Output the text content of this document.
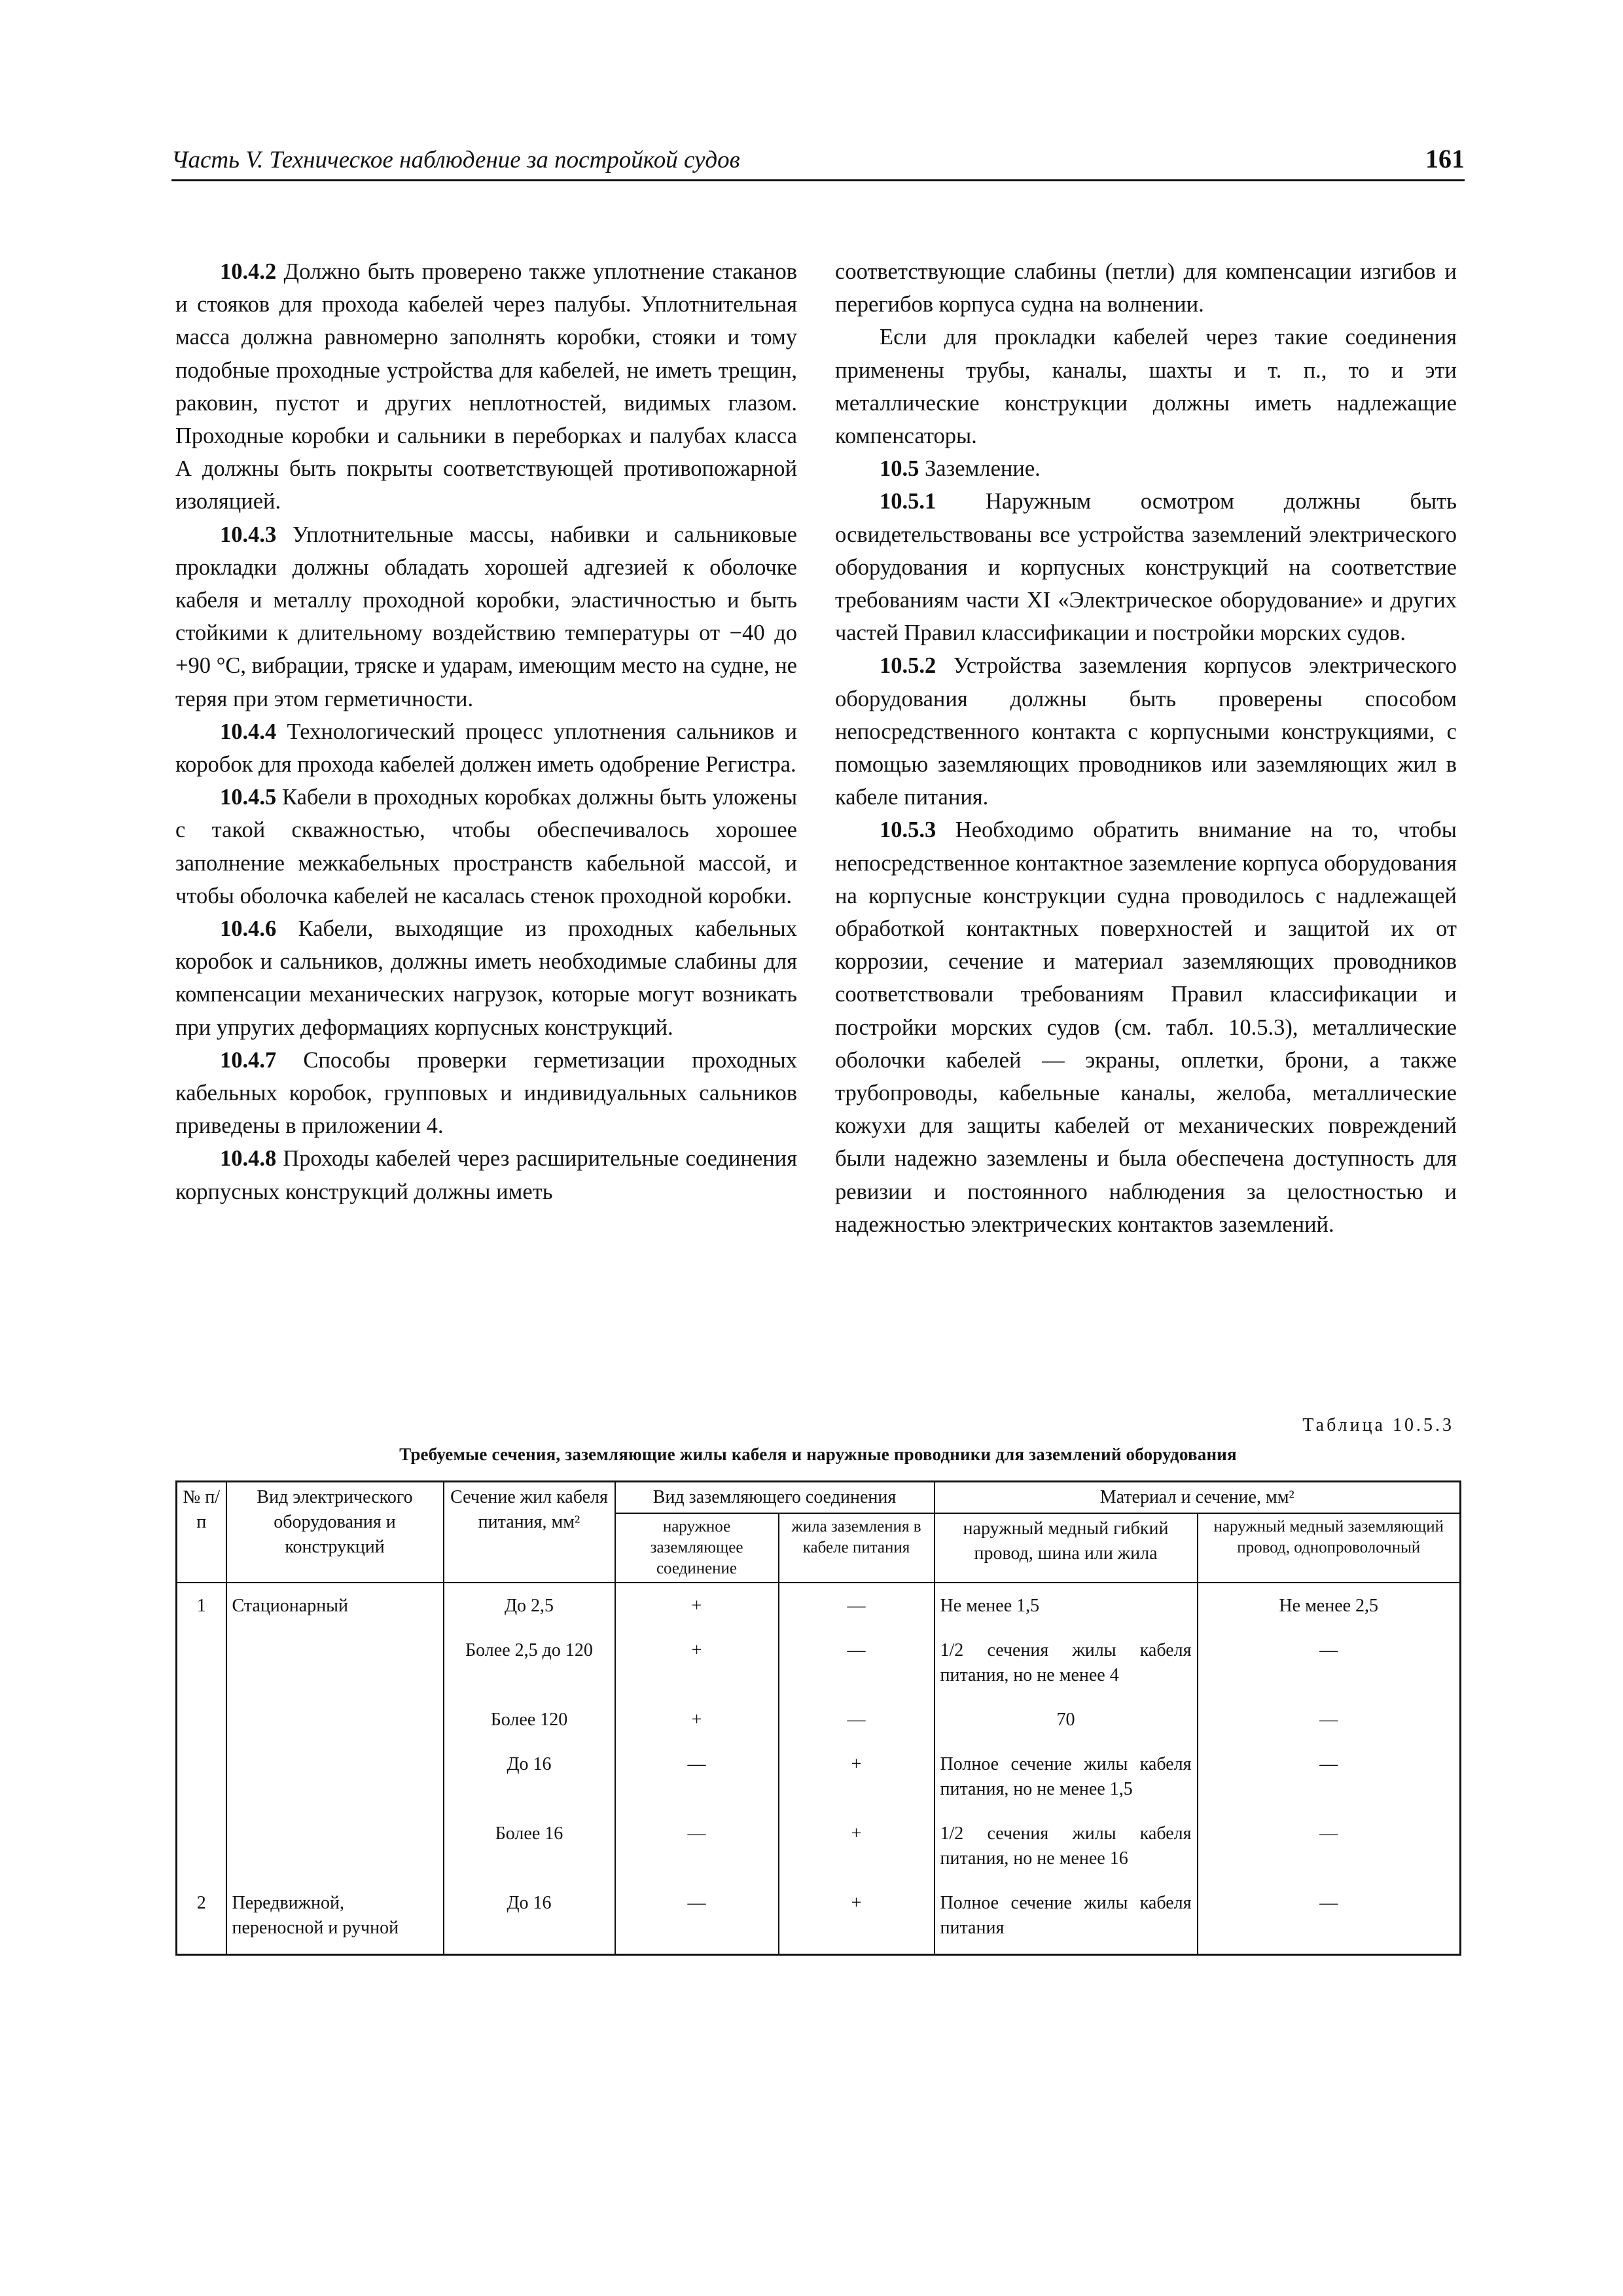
Часть V. Техническое наблюдение за постройкой судов	161

10.4.2 Должно быть проверено также уплотнение стаканов и стояков для прохода кабелей через палубы. Уплотнительная масса должна равномерно заполнять коробки, стояки и тому подобные проходные устройства для кабелей, не иметь трещин, раковин, пустот и других неплотностей, видимых глазом. Проходные коробки и сальники в переборках и палубах класса А должны быть покрыты соответствующей противопожарной изоляцией.

10.4.3 Уплотнительные массы, набивки и сальниковые прокладки должны обладать хорошей адгезией к оболочке кабеля и металлу проходной коробки, эластичностью и быть стойкими к длительному воздействию температуры от −40 до +90 °С, вибрации, тряске и ударам, имеющим место на судне, не теряя при этом герметичности.

10.4.4 Технологический процесс уплотнения сальников и коробок для прохода кабелей должен иметь одобрение Регистра.

10.4.5 Кабели в проходных коробках должны быть уложены с такой скважностью, чтобы обеспечивалось хорошее заполнение межкабельных пространств кабельной массой, и чтобы оболочка кабелей не касалась стенок проходной коробки.

10.4.6 Кабели, выходящие из проходных кабельных коробок и сальников, должны иметь необходимые слабины для компенсации механических нагрузок, которые могут возникать при упругих деформациях корпусных конструкций.

10.4.7 Способы проверки герметизации проходных кабельных коробок, групповых и индивидуальных сальников приведены в приложении 4.

10.4.8 Проходы кабелей через расширительные соединения корпусных конструкций должны иметь

соответствующие слабины (петли) для компенсации изгибов и перегибов корпуса судна на волнении.

Если для прокладки кабелей через такие соединения применены трубы, каналы, шахты и т. п., то и эти металлические конструкции должны иметь надлежащие компенсаторы.

10.5 Заземление.

10.5.1 Наружным осмотром должны быть освидетельствованы все устройства заземлений электрического оборудования и корпусных конструкций на соответствие требованиям части XI «Электрическое оборудование» и других частей Правил классификации и постройки морских судов.

10.5.2 Устройства заземления корпусов электрического оборудования должны быть проверены способом непосредственного контакта с корпусными конструкциями, с помощью заземляющих проводников или заземляющих жил в кабеле питания.

10.5.3 Необходимо обратить внимание на то, чтобы непосредственное контактное заземление корпуса оборудования на корпусные конструкции судна проводилось с надлежащей обработкой контактных поверхностей и защитой их от коррозии, сечение и материал заземляющих проводников соответствовали требованиям Правил классификации и постройки морских судов (см. табл. 10.5.3), металлические оболочки кабелей — экраны, оплетки, брони, а также трубопроводы, кабельные каналы, желоба, металлические кожухи для защиты кабелей от механических повреждений были надежно заземлены и была обеспечена доступность для ревизии и постоянного наблюдения за целостностью и надежностью электрических контактов заземлений.

Таблица 10.5.3
Требуемые сечения, заземляющие жилы кабеля и наружные проводники для заземлений оборудования
№ п/п	Вид электрического оборудования и конструкций	Сечение жил кабеля питания, мм²	Вид заземляющего соединения		Материал и сечение, мм²	
			наружное заземляющее соединение	жила заземления в кабеле питания	наружный медный гибкий провод, шина или жила	наружный медный заземляющий провод, однопроволочный
1	Стационарный	До 2,5	+	—	Не менее 1,5	Не менее 2,5
		Более 2,5 до 120	+	—	1/2 сечения жилы кабеля питания, но не менее 4	—
		Более 120	+	—	70	—
		До 16	—	+	Полное сечение жилы кабеля питания, но не менее 1,5	—
		Более 16	—	+	1/2 сечения жилы кабеля питания, но не менее 16	—
2	Передвижной, переносной и ручной	До 16	—	+	Полное сечение жилы кабеля питания	—
